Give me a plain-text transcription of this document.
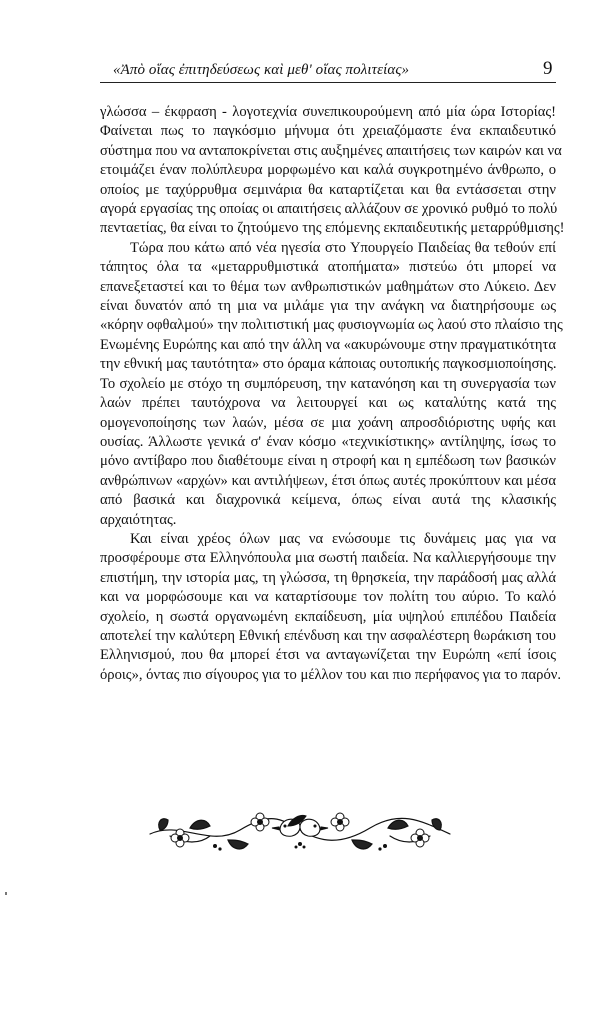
«Ἀπὸ οἵας ἐπιτηδεύσεως καὶ μεθ' οἵας πολιτείας»	9
γλώσσα – έκφραση - λογοτεχνία συνεπικουρούμενη από μία ώρα Ιστορίας!
Φαίνεται πως το παγκόσμιο μήνυμα ότι χρειαζόμαστε ένα εκπαιδευτικό
σύστημα που να ανταποκρίνεται στις αυξημένες απαιτήσεις των καιρών και να
ετοιμάζει έναν πολύπλευρα μορφωμένο και καλά συγκροτημένο άνθρωπο, ο
οποίος με ταχύρρυθμα σεμινάρια θα καταρτίζεται και θα εντάσσεται στην
αγορά εργασίας της οποίας οι απαιτήσεις αλλάζουν σε χρονικό ρυθμό το πολύ
πενταετίας, θα είναι το ζητούμενο της επόμενης εκπαιδευτικής μεταρρύθμισης!
Τώρα που κάτω από νέα ηγεσία στο Υπουργείο Παιδείας θα τεθούν επί
τάπητος όλα τα «μεταρρυθμιστικά ατοπήματα» πιστεύω ότι μπορεί να
επανεξεταστεί και το θέμα των ανθρωπιστικών μαθημάτων στο Λύκειο. Δεν
είναι δυνατόν από τη μια να μιλάμε για την ανάγκη να διατηρήσουμε ως
«κόρην οφθαλμού» την πολιτιστική μας φυσιογνωμία ως λαού στο πλαίσιο της
Ενωμένης Ευρώπης και από την άλλη να «ακυρώνουμε στην πραγματικότητα
την εθνική μας ταυτότητα» στο όραμα κάποιας ουτοπικής παγκοσμιοποίησης.
Το σχολείο με στόχο τη συμπόρευση, την κατανόηση και τη συνεργασία των
λαών πρέπει ταυτόχρονα να λειτουργεί και ως καταλύτης κατά της
ομογενοποίησης των λαών, μέσα σε μια χοάνη απροσδιόριστης υφής και
ουσίας. Άλλωστε γενικά σ' έναν κόσμο «τεχνικίστικης» αντίληψης, ίσως το
μόνο αντίβαρο που διαθέτουμε είναι η στροφή και η εμπέδωση των βασικών
ανθρώπινων «αρχών» και αντιλήψεων, έτσι όπως αυτές προκύπτουν και μέσα
από βασικά και διαχρονικά κείμενα, όπως είναι αυτά της κλασικής
αρχαιότητας.
Και είναι χρέος όλων μας να ενώσουμε τις δυνάμεις μας για να
προσφέρουμε στα Ελληνόπουλα μια σωστή παιδεία. Να καλλιεργήσουμε την
επιστήμη, την ιστορία μας, τη γλώσσα, τη θρησκεία, την παράδοσή μας αλλά
και να μορφώσουμε και να καταρτίσουμε τον πολίτη του αύριο. Το καλό
σχολείο, η σωστά οργανωμένη εκπαίδευση, μία υψηλού επιπέδου Παιδεία
αποτελεί την καλύτερη Εθνική επένδυση και την ασφαλέστερη θωράκιση του
Ελληνισμού, που θα μπορεί έτσι να ανταγωνίζεται την Ευρώπη «επί ίσοις
όροις», όντας πιο σίγουρος για το μέλλον του και πιο περήφανος για το παρόν.
